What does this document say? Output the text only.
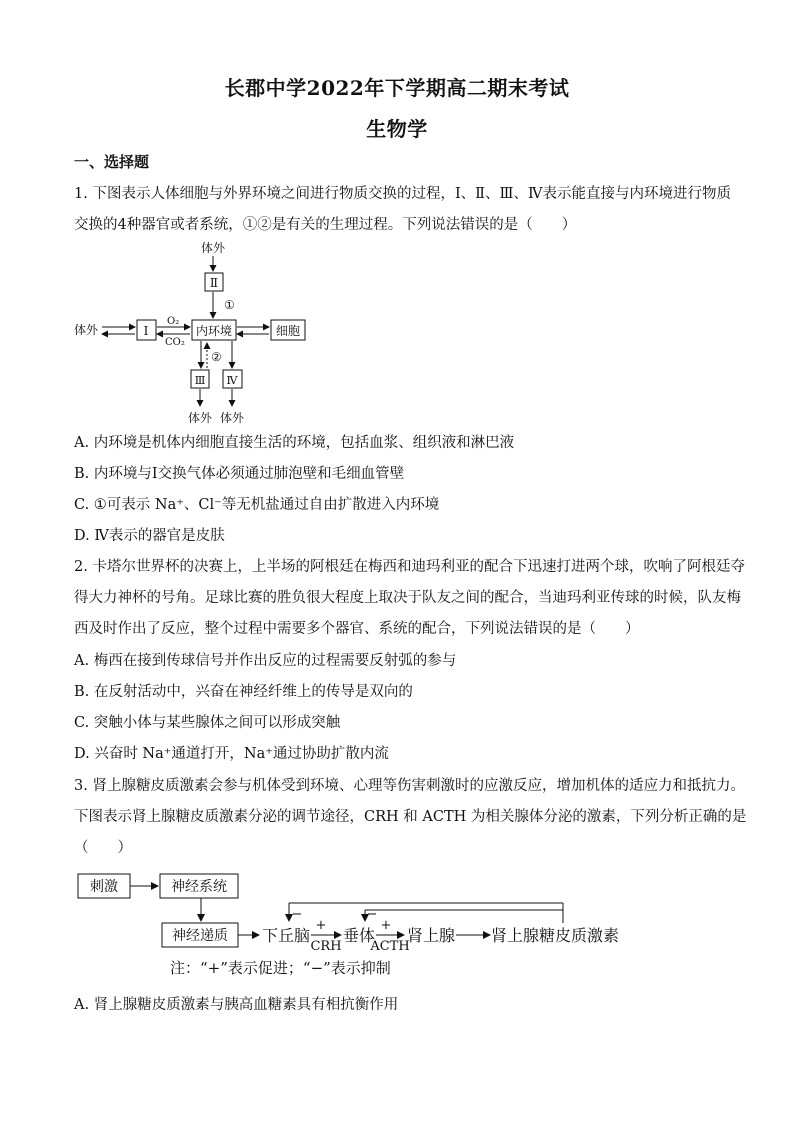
长郡中学2022年下学期高二期末考试
生物学
一、选择题
1. 下图表示人体细胞与外界环境之间进行物质交换的过程，Ⅰ、Ⅱ、Ⅲ、Ⅳ表示能直接与内环境进行物质
交换的4种器官或者系统，①②是有关的生理过程。下列说法错误的是（　　）
体外
Ⅱ
①
体外	Ⅰ
O₂
CO₂
内环境	细胞
②
Ⅲ Ⅳ
体外 体外
A. 内环境是机体内细胞直接生活的环境，包括血浆、组织液和淋巴液
B. 内环境与Ⅰ交换气体必须通过肺泡壁和毛细血管壁
C. ①可表示 Na⁺、Cl⁻等无机盐通过自由扩散进入内环境
D. Ⅳ表示的器官是皮肤
2. 卡塔尔世界杯的决赛上，上半场的阿根廷在梅西和迪玛利亚的配合下迅速打进两个球，吹响了阿根廷夺
得大力神杯的号角。足球比赛的胜负很大程度上取决于队友之间的配合，当迪玛利亚传球的时候，队友梅
西及时作出了反应，整个过程中需要多个器官、系统的配合，下列说法错误的是（　　）
A. 梅西在接到传球信号并作出反应的过程需要反射弧的参与
B. 在反射活动中，兴奋在神经纤维上的传导是双向的
C. 突触小体与某些腺体之间可以形成突触
D. 兴奋时 Na⁺通道打开，Na⁺通过协助扩散内流
3. 肾上腺糖皮质激素会参与机体受到环境、心理等伤害刺激时的应激反应，增加机体的适应力和抵抗力。
下图表示肾上腺糖皮质激素分泌的调节途径，CRH 和 ACTH 为相关腺体分泌的激素，下列分析正确的是
（　　）
刺激	神经系统
神经递质 下丘脑
+
CRH
垂体
+
ACTH
肾上腺 肾上腺糖皮质激素
−	−
注：“+”表示促进；“−”表示抑制
A. 肾上腺糖皮质激素与胰高血糖素具有相抗衡作用
